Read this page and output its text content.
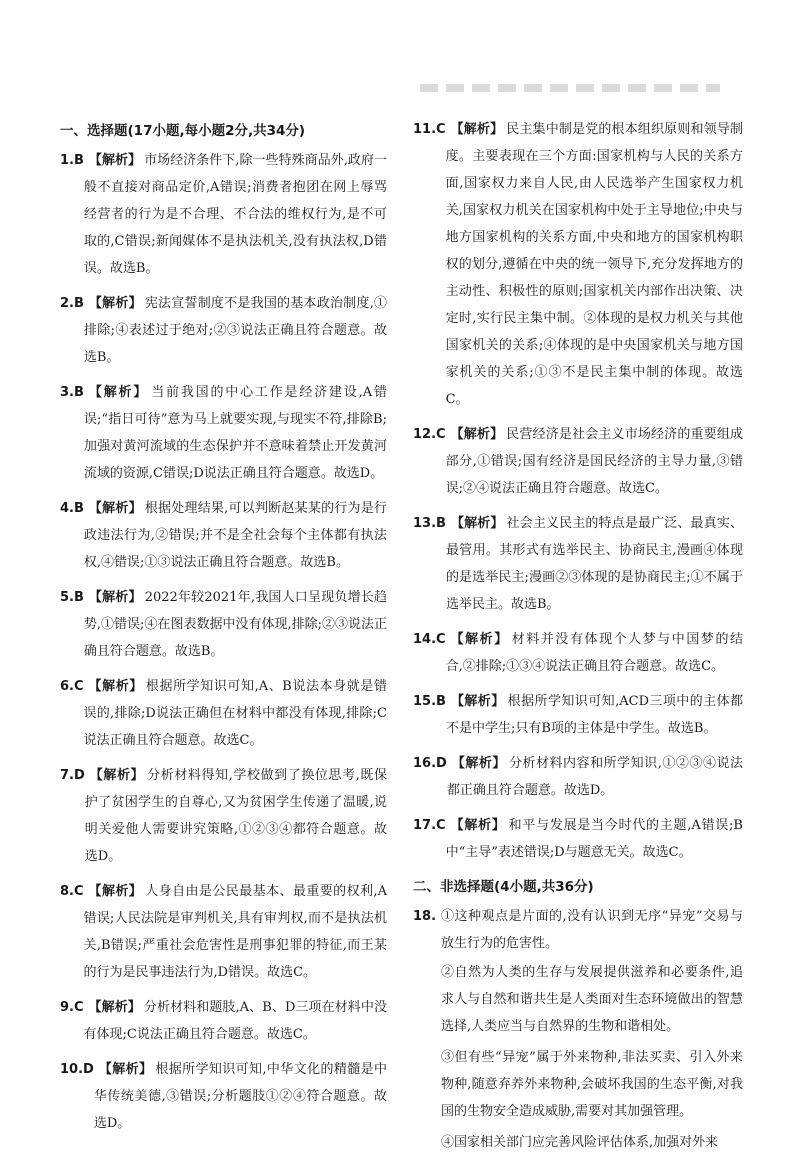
一、选择题(17小题,每小题2分,共34分)
1.B 【解析】 市场经济条件下,除一些特殊商品外,政府一般不直接对商品定价,A错误;消费者抱团在网上辱骂经营者的行为是不合理、不合法的维权行为,是不可取的,C错误;新闻媒体不是执法机关,没有执法权,D错误。故选B。
2.B 【解析】 宪法宣誓制度不是我国的基本政治制度,①排除;④表述过于绝对;②③说法正确且符合题意。故选B。
3.B 【解析】 当前我国的中心工作是经济建设,A错误;“指日可待”意为马上就要实现,与现实不符,排除B;加强对黄河流域的生态保护并不意味着禁止开发黄河流域的资源,C错误;D说法正确且符合题意。故选D。
4.B 【解析】 根据处理结果,可以判断赵某某的行为是行政违法行为,②错误;并不是全社会每个主体都有执法权,④错误;①③说法正确且符合题意。故选B。
5.B 【解析】 2022年较2021年,我国人口呈现负增长趋势,①错误;④在图表数据中没有体现,排除;②③说法正确且符合题意。故选B。
6.C 【解析】 根据所学知识可知,A、B说法本身就是错误的,排除;D说法正确但在材料中都没有体现,排除;C说法正确且符合题意。故选C。
7.D 【解析】 分析材料得知,学校做到了换位思考,既保护了贫困学生的自尊心,又为贫困学生传递了温暖,说明关爱他人需要讲究策略,①②③④都符合题意。故选D。
8.C 【解析】 人身自由是公民最基本、最重要的权利,A错误;人民法院是审判机关,具有审判权,而不是执法机关,B错误;严重社会危害性是刑事犯罪的特征,而王某的行为是民事违法行为,D错误。故选C。
9.C 【解析】 分析材料和题肢,A、B、D三项在材料中没有体现;C说法正确且符合题意。故选C。
10.D 【解析】 根据所学知识可知,中华文化的精髓是中华传统美德,③错误;分析题肢①②④符合题意。故选D。
11.C 【解析】 民主集中制是党的根本组织原则和领导制度。主要表现在三个方面:国家机构与人民的关系方面,国家权力来自人民,由人民选举产生国家权力机关,国家权力机关在国家机构中处于主导地位;中央与地方国家机构的关系方面,中央和地方的国家机构职权的划分,遵循在中央的统一领导下,充分发挥地方的主动性、积极性的原则;国家机关内部作出决策、决定时,实行民主集中制。②体现的是权力机关与其他国家机关的关系;④体现的是中央国家机关与地方国家机关的关系;①③不是民主集中制的体现。故选C。
12.C 【解析】 民营经济是社会主义市场经济的重要组成部分,①错误;国有经济是国民经济的主导力量,③错误;②④说法正确且符合题意。故选C。
13.B 【解析】 社会主义民主的特点是最广泛、最真实、最管用。其形式有选举民主、协商民主,漫画④体现的是选举民主;漫画②③体现的是协商民主;①不属于选举民主。故选B。
14.C 【解析】 材料并没有体现个人梦与中国梦的结合,②排除;①③④说法正确且符合题意。故选C。
15.B 【解析】 根据所学知识可知,ACD三项中的主体都不是中学生;只有B项的主体是中学生。故选B。
16.D 【解析】 分析材料内容和所学知识,①②③④说法都正确且符合题意。故选D。
17.C 【解析】 和平与发展是当今时代的主题,A错误;B中“主导”表述错误;D与题意无关。故选C。
二、非选择题(4小题,共36分)
18. ①这种观点是片面的,没有认识到无序“异宠”交易与放生行为的危害性。
②自然为人类的生存与发展提供滋养和必要条件,追求人与自然和谐共生是人类面对生态环境做出的智慧选择,人类应当与自然界的生物和谐相处。
③但有些“异宠”属于外来物种,非法买卖、引入外来物种,随意弃养外来物种,会破坏我国的生态平衡,对我国的生物安全造成威胁,需要对其加强管理。
④国家相关部门应完善风险评估体系,加强对外来
